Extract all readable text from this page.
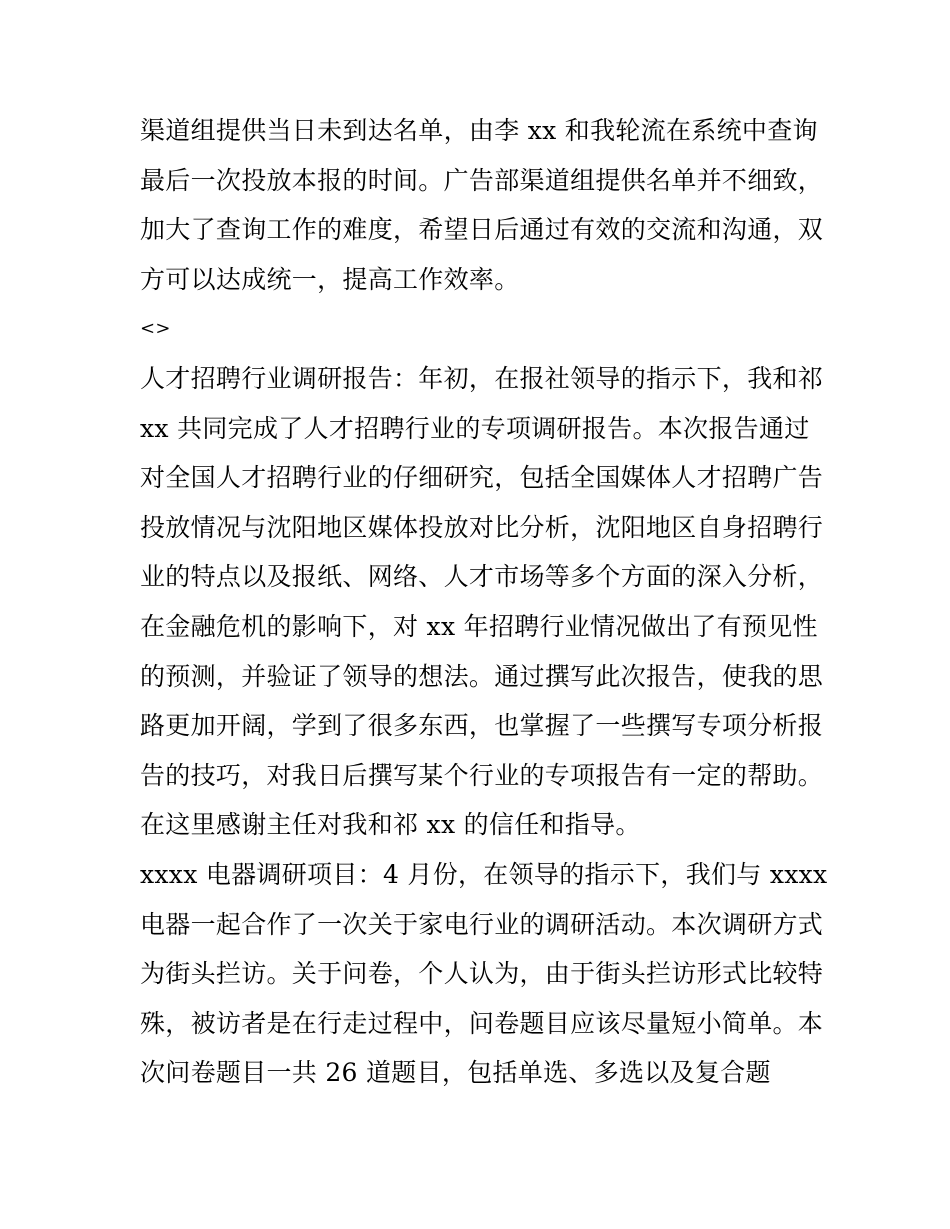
渠道组提供当日未到达名单，由李 xx 和我轮流在系统中查询
最后一次投放本报的时间。广告部渠道组提供名单并不细致，
加大了查询工作的难度，希望日后通过有效的交流和沟通，双
方可以达成统一，提高工作效率。
<>
人才招聘行业调研报告：年初，在报社领导的指示下，我和祁
xx 共同完成了人才招聘行业的专项调研报告。本次报告通过
对全国人才招聘行业的仔细研究，包括全国媒体人才招聘广告
投放情况与沈阳地区媒体投放对比分析，沈阳地区自身招聘行
业的特点以及报纸、网络、人才市场等多个方面的深入分析，
在金融危机的影响下，对 xx 年招聘行业情况做出了有预见性
的预测，并验证了领导的想法。通过撰写此次报告，使我的思
路更加开阔，学到了很多东西，也掌握了一些撰写专项分析报
告的技巧，对我日后撰写某个行业的专项报告有一定的帮助。
在这里感谢主任对我和祁 xx 的信任和指导。
xxxx 电器调研项目：4 月份，在领导的指示下，我们与 xxxx
电器一起合作了一次关于家电行业的调研活动。本次调研方式
为街头拦访。关于问卷，个人认为，由于街头拦访形式比较特
殊，被访者是在行走过程中，问卷题目应该尽量短小简单。本
次问卷题目一共 26 道题目，包括单选、多选以及复合题
